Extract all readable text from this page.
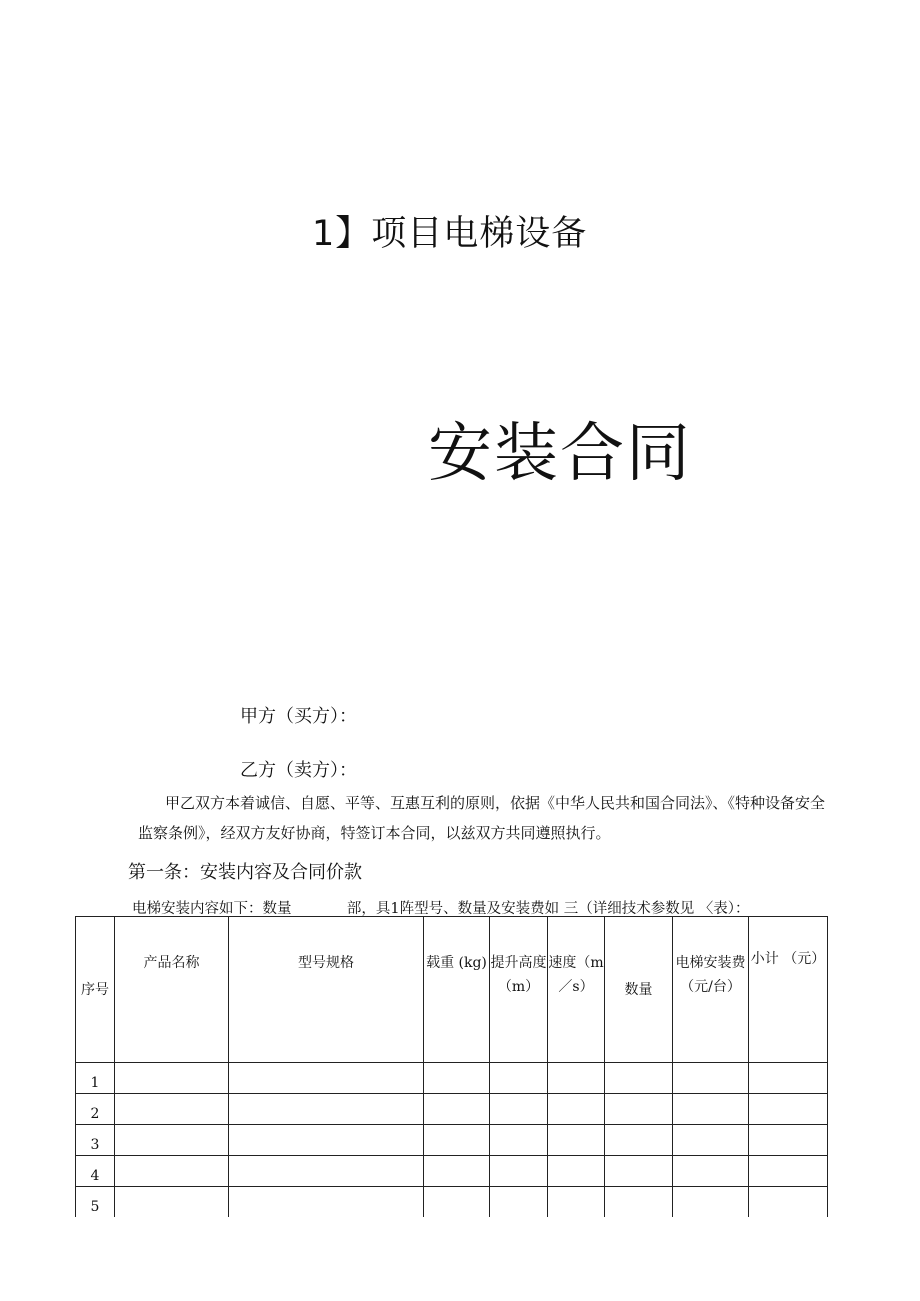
1】项目电梯设备
安装合同
甲方（买方）：
乙方（卖方）：
甲乙双方本着诚信、自愿、平等、互惠互利的原则，依据《中华人民共和国合同法》、《特种设备安全监察条例》，经双方友好协商，特签订本合同，以兹双方共同遵照执行。
第一条：安装内容及合同价款
电梯安装内容如下：数量 _______部，具1阵型号、数量及安装费如 三（详细技术参数见 〈表）：
序号	产品名称	型号规格	载重 (kg)	提升高度（m）	速度（m／s）	数量	电梯安装费（元/台）	小计 （元）
1								
2								
3								
4								
5								
